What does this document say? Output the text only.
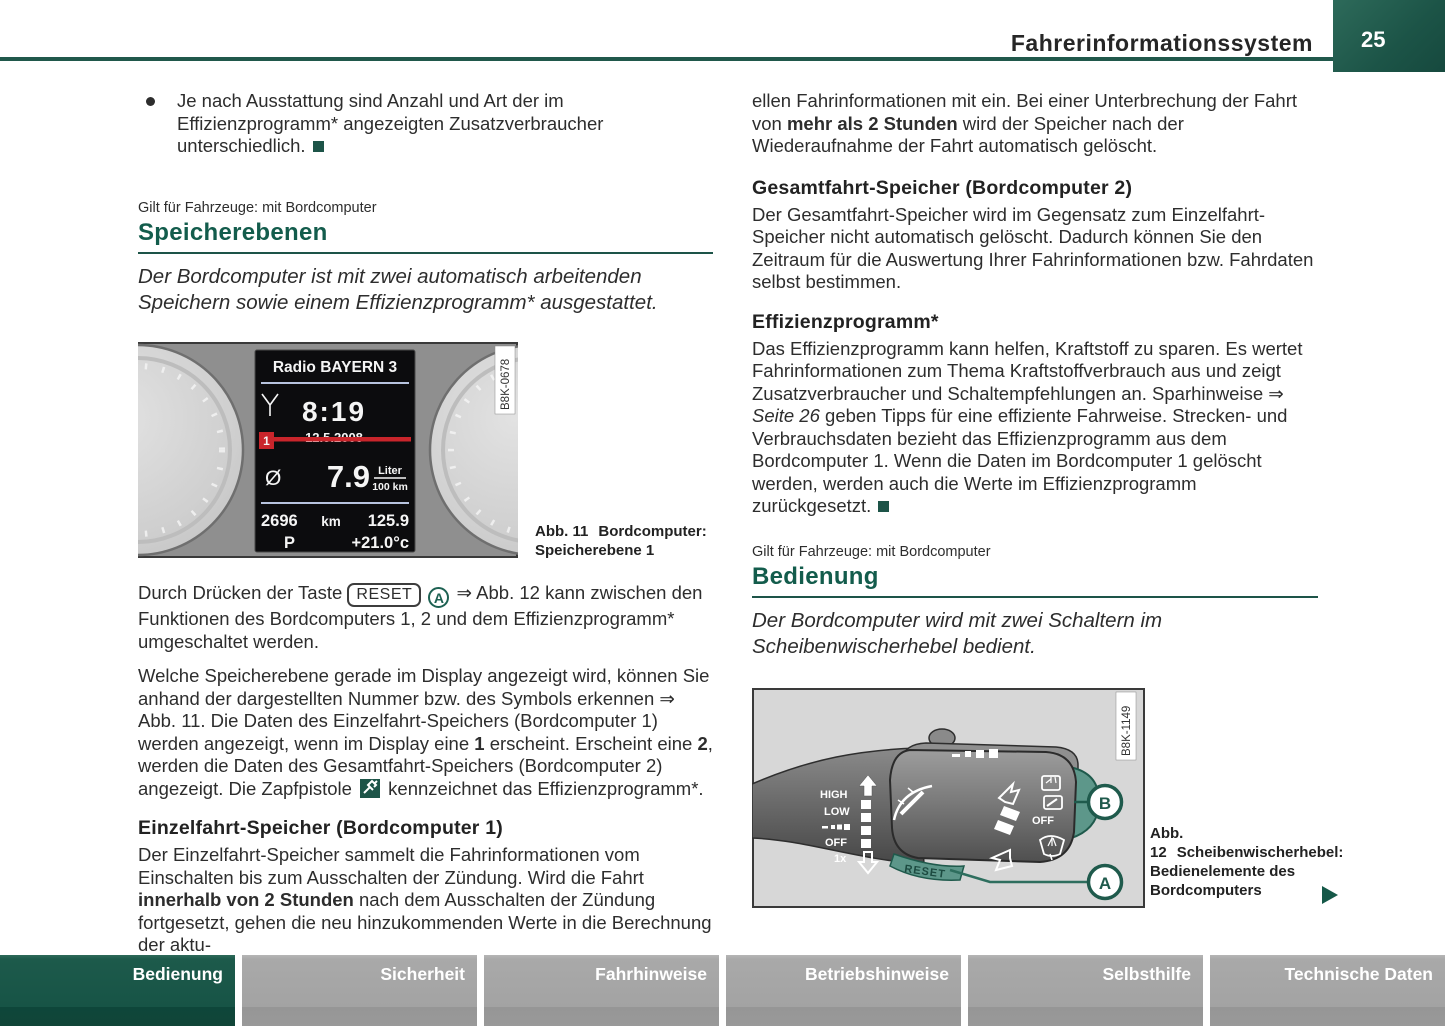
Fahrerinformationssystem 25

Je nach Ausstattung sind Anzahl und Art der im Effizienzprogramm* angezeigten Zusatzverbraucher unterschiedlich.

Gilt für Fahrzeuge: mit Bordcomputer
Speicherebenen

Der Bordcomputer ist mit zwei automatisch arbeitenden Speichern sowie einem Effizienzprogramm* ausgestattet.

Radio BAYERN 3
8:19
1
Ø 7.9 Liter
100 km
2696 km 125.9
P	+21.0°c
B8K-0678
Abb. 11 Bordcomputer: Speicherebene 1

Durch Drücken der Taste RESET A ⇒ Abb. 12 kann zwischen den Funktionen des Bordcomputers 1, 2 und dem Effizienzprogramm* umgeschaltet werden.

Welche Speicherebene gerade im Display angezeigt wird, können Sie anhand der dargestellten Nummer bzw. des Symbols erkennen ⇒ Abb. 11. Die Daten des Einzelfahrt-Speichers (Bordcomputer 1) werden angezeigt, wenn im Display eine 1 erscheint. Erscheint eine 2, werden die Daten des Gesamtfahrt-Speichers (Bordcomputer 2) angezeigt. Die Zapfpistole
kennzeichnet das Effizienzprogramm*.

Einzelfahrt-Speicher (Bordcomputer 1)

Der Einzelfahrt-Speicher sammelt die Fahrinformationen vom Einschalten bis zum Ausschalten der Zündung. Wird die Fahrt innerhalb von 2 Stunden nach dem Ausschalten der Zündung fortgesetzt, gehen die neu hinzukommenden Werte in die Berechnung der aktu-

ellen Fahrinformationen mit ein. Bei einer Unterbrechung der Fahrt von mehr als 2 Stunden wird der Speicher nach der Wiederaufnahme der Fahrt automatisch gelöscht.

Gesamtfahrt-Speicher (Bordcomputer 2)

Der Gesamtfahrt-Speicher wird im Gegensatz zum Einzelfahrt-Speicher nicht automatisch gelöscht. Dadurch können Sie den Zeitraum für die Auswertung Ihrer Fahrinformationen bzw. Fahrdaten selbst bestimmen.

Effizienzprogramm*

Das Effizienzprogramm kann helfen, Kraftstoff zu sparen. Es wertet Fahrinformationen zum Thema Kraftstoffverbrauch aus und zeigt Zusatzverbraucher und Schaltempfehlungen an. Sparhinweise ⇒ Seite 26 geben Tipps für eine effiziente Fahrweise. Strecken- und Verbrauchsdaten bezieht das Effizienzprogramm aus dem Bordcomputer 1. Wenn die Daten im Bordcomputer 1 gelöscht werden, werden auch die Werte im Effizienzprogramm zurückgesetzt.

Gilt für Fahrzeuge: mit Bordcomputer
Bedienung

Der Bordcomputer wird mit zwei Schaltern im Scheibenwischerhebel bedient.

RESET
HIGH
LOW
OFF
1x
OFF
B
A
B8K-1149
Abb. 12 Scheibenwischerhebel: Bedienelemente des Bordcomputers
Bedienung	Sicherheit	Fahrhinweise	Betriebshinweise	Selbsthilfe	Technische Daten
